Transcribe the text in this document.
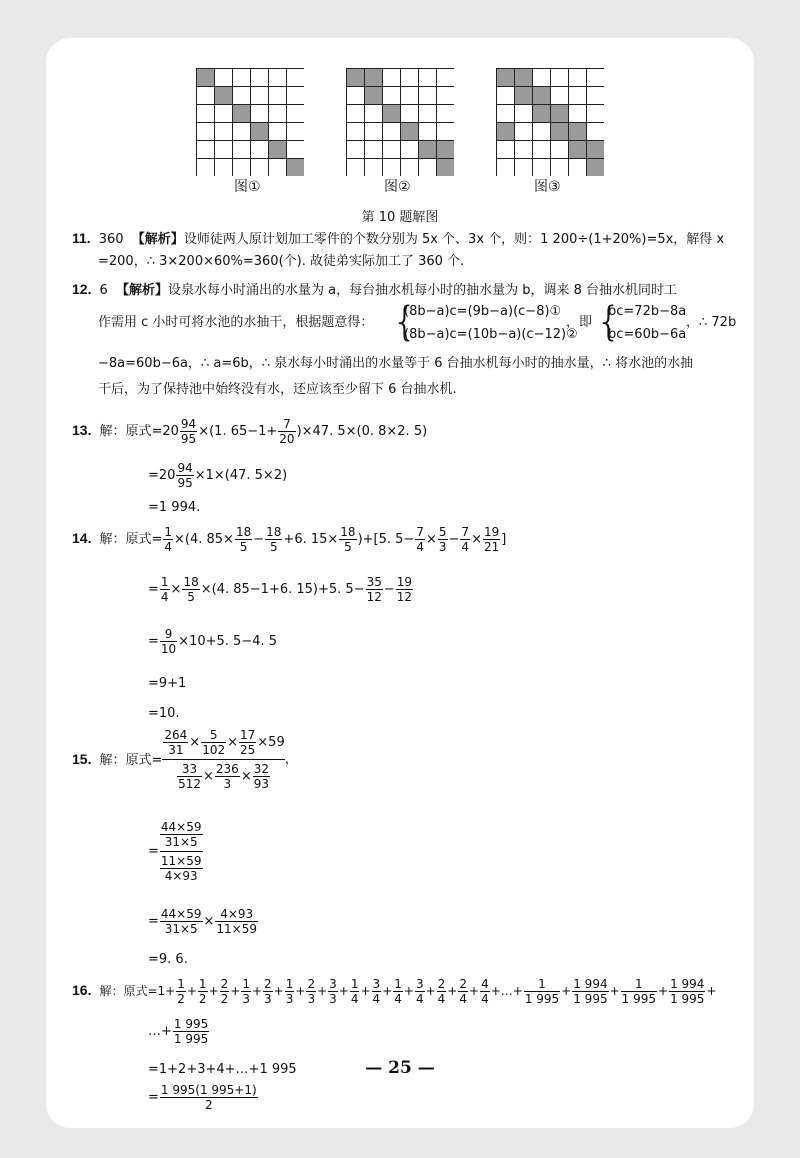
图①	图②	图③
第 10 题解图
11. 360 【解析】设师徒两人原计划加工零件的个数分别为 5x 个、3x 个，则：1 200÷(1+20%)=5x，解得 x
=200，∴ 3×200×60%=360(个). 故徒弟实际加工了 360 个.
12. 6 【解析】设泉水每小时涌出的水量为 a，每台抽水机每小时的抽水量为 b，调来 8 台抽水机同时工
作需用 c 小时可将水池的水抽干，根据题意得： {
(8b−a)c=(9b−a)(c−8)①
(8b−a)c=(10b−a)(c−12)②
，即 {
bc=72b−8a
bc=60b−6a
，∴ 72b
−8a=60b−6a，∴ a=6b，∴ 泉水每小时涌出的水量等于 6 台抽水机每小时的抽水量，∴ 将水池的水抽
干后，为了保持池中始终没有水，还应该至少留下 6 台抽水机.
13. 解：原式$=20 \frac{94}{95} \times(1$. $65-1+ \frac{7}{20} )\times 47$. 5×(0. 8×2. 5)
$=20 \frac{94}{95} \times 1\times(47$. 5×2)
=1 994.
14. 解：原式= $\frac{1}{4} \times(4$. $85\times \frac{18}{5} - \frac{18}{5} +6$. $15\times \frac{18}{5} )+[5$. $5- \frac{7}{4} \times \frac{5}{3} - \frac{7}{4} \times \frac{19}{21}$ ]
= $\frac{1}{4} \times \frac{18}{5} \times(4$. 85−1+6. 15)+5. $5- \frac{35}{12} - \frac{19}{12}$
= $\frac{9}{10} \times 10+5$. 5−4. 5
=9+1
=10.
15. 解：原式= $\frac{\frac{264}{31} \times \frac{5}{102} \times \frac{17}{25} \times 59}{\frac{33}{512} \times \frac{236}{3} \times \frac{32}{93}}$ ，
= 44×59
31×5
11×59
4×93
= $\frac{44\times 59}{31\times 5} \times \frac{4\times 93}{11\times 59}$
=9. 6.
16. 解：原式$=1+ \frac{1}{2} + \frac{1}{2} + \frac{2}{2} + \frac{1}{3} + \frac{2}{3} + \frac{1}{3} + \frac{2}{3} + \frac{3}{3} + \frac{1}{4} + \frac{3}{4} + \frac{1}{4} + \frac{3}{4} + \frac{2}{4} + \frac{2}{4} + \frac{4}{4}$ +…+ $\frac{1}{1 995} + \frac{1 994}{1 995} + \frac{1}{1 995} + \frac{1 994}{1 995}$ +
…+ $\frac{1 995}{1 995}$
=1+2+3+4+…+1 995
= $\frac{1 995(1 995+1)}{2}$
— 25 —
